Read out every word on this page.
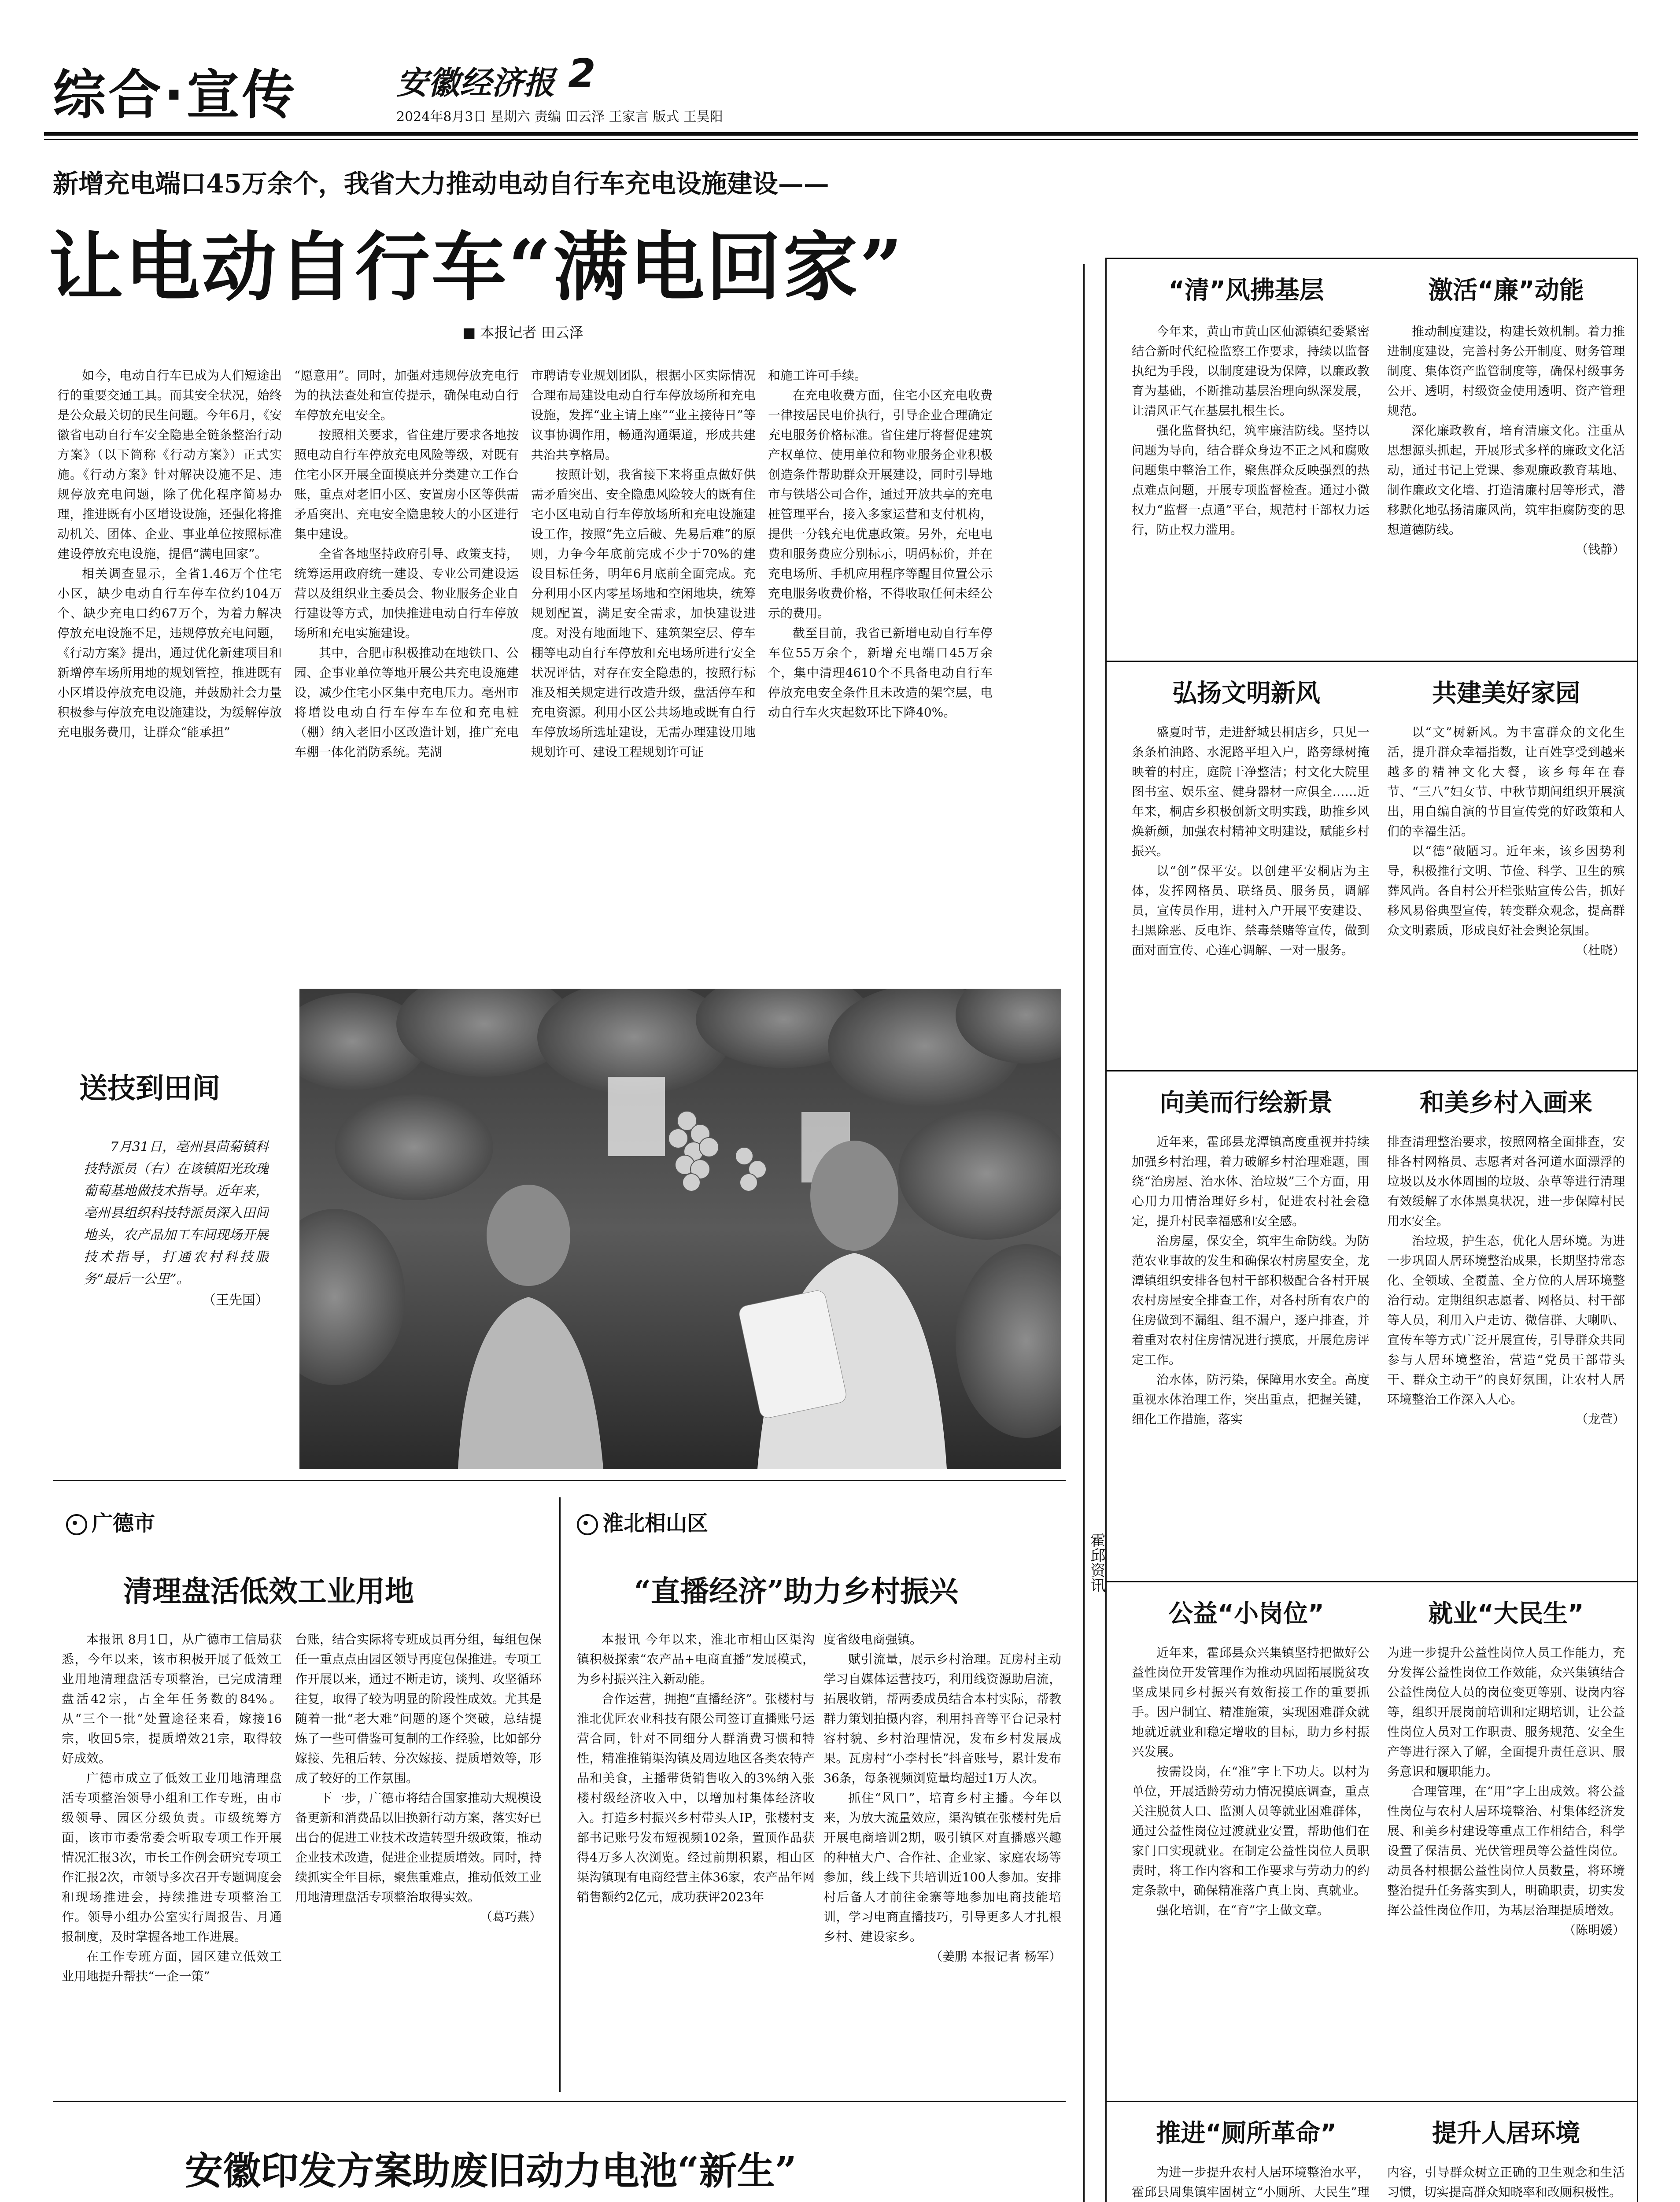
综合·宣传	安徽经济报 2
2024年8月3日 星期六 责编 田云泽 王家言 版式 王昊阳
新增充电端口45万余个，我省大力推动电动自行车充电设施建设——
让电动自行车“满电回家”
■ 本报记者 田云泽

如今，电动自行车已成为人们短途出行的重要交通工具。而其安全状况，始终是公众最关切的民生问题。今年6月，《安徽省电动自行车安全隐患全链条整治行动方案》（以下简称《行动方案》）正式实施。《行动方案》针对解决设施不足、违规停放充电问题，除了优化程序简易办理，推进既有小区增设设施，还强化将推动机关、团体、企业、事业单位按照标准建设停放充电设施，提倡“满电回家”。

相关调查显示，全省1.46万个住宅小区，缺少电动自行车停车位约104万个、缺少充电口约67万个，为着力解决停放充电设施不足，违规停放充电问题，《行动方案》提出，通过优化新建项目和新增停车场所用地的规划管控，推进既有小区增设停放充电设施，并鼓励社会力量积极参与停放充电设施建设，为缓解停放充电服务费用，让群众“能承担”

“愿意用”。同时，加强对违规停放充电行为的执法查处和宣传提示，确保电动自行车停放充电安全。

按照相关要求，省住建厅要求各地按照电动自行车停放充电风险等级，对既有住宅小区开展全面摸底并分类建立工作台账，重点对老旧小区、安置房小区等供需矛盾突出、充电安全隐患较大的小区进行集中建设。

全省各地坚持政府引导、政策支持，统筹运用政府统一建设、专业公司建设运营以及组织业主委员会、物业服务企业自行建设等方式，加快推进电动自行车停放场所和充电实施建设。

其中，合肥市积极推动在地铁口、公园、企事业单位等地开展公共充电设施建设，减少住宅小区集中充电压力。亳州市将增设电动自行车停车车位和充电桩（棚）纳入老旧小区改造计划，推广充电车棚一体化消防系统。芜湖

市聘请专业规划团队，根据小区实际情况合理布局建设电动自行车停放场所和充电设施，发挥“业主请上座”“业主接待日”等议事协调作用，畅通沟通渠道，形成共建共治共享格局。

按照计划，我省接下来将重点做好供需矛盾突出、安全隐患风险较大的既有住宅小区电动自行车停放场所和充电设施建设工作，按照“先立后破、先易后难”的原则，力争今年底前完成不少于70%的建设目标任务，明年6月底前全面完成。充分利用小区内零星场地和空闲地块，统筹规划配置，满足安全需求，加快建设进度。对没有地面地下、建筑架空层、停车棚等电动自行车停放和充电场所进行安全状况评估，对存在安全隐患的，按照行标准及相关规定进行改造升级，盘活停车和充电资源。利用小区公共场地或既有自行车停放场所选址建设，无需办理建设用地规划许可、建设工程规划许可证

和施工许可手续。

在充电收费方面，住宅小区充电收费一律按居民电价执行，引导企业合理确定充电服务价格标准。省住建厅将督促建筑产权单位、使用单位和物业服务企业积极创造条件帮助群众开展建设，同时引导地市与铁塔公司合作，通过开放共享的充电桩管理平台，接入多家运营和支付机构，提供一分钱充电优惠政策。另外，充电电费和服务费应分别标示，明码标价，并在充电场所、手机应用程序等醒目位置公示充电服务收费价格，不得收取任何未经公示的费用。

截至目前，我省已新增电动自行车停车位55万余个，新增充电端口45万余个，集中清理4610个不具备电动自行车停放充电安全条件且未改造的架空层，电动自行车火灾起数环比下降40%。

送技到田间

7月31日，亳州县茴菊镇科技特派员（右）在该镇阳光玫瑰葡萄基地做技术指导。近年来，亳州县组织科技特派员深入田间地头，农产品加工车间现场开展技术指导，打通农村科技服务“最后一公里”。

（王先国）

广德市
清理盘活低效工业用地

本报讯 8月1日，从广德市工信局获悉，今年以来，该市积极开展了低效工业用地清理盘活专项整治，已完成清理盘活42宗，占全年任务数的84%。从“三个一批”处置途径来看，嫁接16宗，收回5宗，提质增效21宗，取得较好成效。

广德市成立了低效工业用地清理盘活专项整治领导小组和工作专班，由市级领导、园区分级负责。市级统筹方面，该市市委常委会听取专项工作开展情况汇报3次，市长工作例会研究专项工作汇报2次，市领导多次召开专题调度会和现场推进会，持续推进专项整治工作。领导小组办公室实行周报告、月通报制度，及时掌握各地工作进展。

在工作专班方面，园区建立低效工业用地提升帮扶“一企一策”

台账，结合实际将专班成员再分组，每组包保任一重点点由园区领导再度包保推进。专项工作开展以来，通过不断走访，谈判、攻坚循环往复，取得了较为明显的阶段性成效。尤其是随着一批“老大难”问题的逐个突破，总结提炼了一些可借鉴可复制的工作经验，比如部分嫁接、先租后转、分次嫁接、提质增效等，形成了较好的工作氛围。

下一步，广德市将结合国家推动大规模设备更新和消费品以旧换新行动方案，落实好已出台的促进工业技术改造转型升级政策，推动企业技术改造，促进企业提质增效。同时，持续抓实全年目标，聚焦重难点，推动低效工业用地清理盘活专项整治取得实效。

（葛巧燕）

淮北相山区
“直播经济”助力乡村振兴

本报讯 今年以来，淮北市相山区渠沟镇积极探索“农产品+电商直播”发展模式，为乡村振兴注入新动能。

合作运营，拥抱“直播经济”。张楼村与淮北优匠农业科技有限公司签订直播账号运营合同，针对不同细分人群消费习惯和特性，精准推销渠沟镇及周边地区各类农特产品和美食，主播带货销售收入的3%纳入张楼村级经济收入中，以增加村集体经济收入。打造乡村振兴乡村带头人IP，张楼村支部书记账号发布短视频102条，置顶作品获得4万多人次浏览。经过前期积累，相山区渠沟镇现有电商经营主体36家，农产品年网销售额约2亿元，成功获评2023年

度省级电商强镇。

赋引流量，展示乡村治理。瓦房村主动学习自媒体运营技巧，利用线资源助启流，拓展收销，帮两委成员结合本村实际，帮教群力策划拍摄内容，利用抖音等平台记录村容村貌、乡村治理情况，发布乡村发展成果。瓦房村“小李村长”抖音账号，累计发布36条，每条视频浏览量均超过1万人次。

抓住“风口”，培育乡村主播。今年以来，为放大流量效应，渠沟镇在张楼村先后开展电商培训2期，吸引镇区对直播感兴趣的种植大户、合作社、企业家、家庭农场等参加，线上线下共培训近100人参加。安排村后备人才前往金寨等地参加电商技能培训，学习电商直播技巧，引导更多人才扎根乡村、建设家乡。

（姜鹏 本报记者 杨军）

安徽印发方案助废旧动力电池“新生”

霍邱资讯
“清”风拂基层	激活“廉”动能

今年来，黄山市黄山区仙源镇纪委紧密结合新时代纪检监察工作要求，持续以监督执纪为手段，以制度建设为保障，以廉政教育为基础，不断推动基层治理向纵深发展，让清风正气在基层扎根生长。

强化监督执纪，筑牢廉洁防线。坚持以问题为导向，结合群众身边不正之风和腐败问题集中整治工作，聚焦群众反映强烈的热点难点问题，开展专项监督检查。通过小微权力“监督一点通”平台，规范村干部权力运行，防止权力滥用。

推动制度建设，构建长效机制。着力推进制度建设，完善村务公开制度、财务管理制度、集体资产监管制度等，确保村级事务公开、透明，村级资金使用透明、资产管理规范。

深化廉政教育，培育清廉文化。注重从思想源头抓起，开展形式多样的廉政文化活动，通过书记上党课、参观廉政教育基地、制作廉政文化墙、打造清廉村居等形式，潜移默化地弘扬清廉风尚，筑牢拒腐防变的思想道德防线。

（钱静）

弘扬文明新风	共建美好家园

盛夏时节，走进舒城县桐店乡，只见一条条柏油路、水泥路平坦入户，路旁绿树掩映着的村庄，庭院干净整洁；村文化大院里图书室、娱乐室、健身器材一应俱全……近年来，桐店乡积极创新文明实践，助推乡风焕新颜，加强农村精神文明建设，赋能乡村振兴。

以“创”保平安。以创建平安桐店为主体，发挥网格员、联络员、服务员，调解员，宣传员作用，进村入户开展平安建设、扫黑除恶、反电诈、禁毒禁赌等宣传，做到面对面宣传、心连心调解、一对一服务。

以“文”树新风。为丰富群众的文化生活，提升群众幸福指数，让百姓享受到越来越多的精神文化大餐，该乡每年在春节、“三八”妇女节、中秋节期间组织开展演出，用自编自演的节目宣传党的好政策和人们的幸福生活。

以“德”破陋习。近年来，该乡因势利导，积极推行文明、节俭、科学、卫生的殡葬风尚。各自村公开栏张贴宣传公告，抓好移风易俗典型宣传，转变群众观念，提高群众文明素质，形成良好社会舆论氛围。

（杜晓）

向美而行绘新景	和美乡村入画来

近年来，霍邱县龙潭镇高度重视并持续加强乡村治理，着力破解乡村治理难题，围绕“治房屋、治水体、治垃圾”三个方面，用心用力用情治理好乡村，促进农村社会稳定，提升村民幸福感和安全感。

治房屋，保安全，筑牢生命防线。为防范农业事故的发生和确保农村房屋安全，龙潭镇组织安排各包村干部积极配合各村开展农村房屋安全排查工作，对各村所有农户的住房做到不漏组、组不漏户，逐户排查，并着重对农村住房情况进行摸底，开展危房评定工作。

治水体，防污染，保障用水安全。高度重视水体治理工作，突出重点，把握关键，细化工作措施，落实

排查清理整治要求，按照网格全面排查，安排各村网格员、志愿者对各河道水面漂浮的垃圾以及水体周围的垃圾、杂草等进行清理有效缓解了水体黑臭状况，进一步保障村民用水安全。

治垃圾，护生态，优化人居环境。为进一步巩固人居环境整治成果，长期坚持常态化、全领域、全覆盖、全方位的人居环境整治行动。定期组织志愿者、网格员、村干部等人员，利用入户走访、微信群、大喇叭、宣传车等方式广泛开展宣传，引导群众共同参与人居环境整治，营造“党员干部带头干、群众主动干”的良好氛围，让农村人居环境整治工作深入人心。

（龙萱）

公益“小岗位”	就业“大民生”

近年来，霍邱县众兴集镇坚持把做好公益性岗位开发管理作为推动巩固拓展脱贫攻坚成果同乡村振兴有效衔接工作的重要抓手。因户制宜、精准施策，实现困难群众就地就近就业和稳定增收的目标，助力乡村振兴发展。

按需设岗，在“准”字上下功夫。以村为单位，开展适龄劳动力情况摸底调查，重点关注脱贫人口、监测人员等就业困难群体，通过公益性岗位过渡就业安置，帮助他们在家门口实现就业。在制定公益性岗位人员职责时，将工作内容和工作要求与劳动力的约定条款中，确保精准落户真上岗、真就业。

强化培训，在“育”字上做文章。

为进一步提升公益性岗位人员工作能力，充分发挥公益性岗位工作效能，众兴集镇结合公益性岗位人员的岗位变更等别、设岗内容等，组织开展岗前培训和定期培训，让公益性岗位人员对工作职责、服务规范、安全生产等进行深入了解，全面提升责任意识、服务意识和履职能力。

合理管理，在“用”字上出成效。将公益性岗位与农村人居环境整治、村集体经济发展、和美乡村建设等重点工作相结合，科学设置了保洁员、光伏管理员等公益性岗位。动员各村根据公益性岗位人员数量，将环境整治提升任务落实到人，明确职责，切实发挥公益性岗位作用，为基层治理提质增效。

（陈明媛）

推进“厕所革命”	提升人居环境

为进一步提升农村人居环境整治水平，霍邱县周集镇牢固树立“小厕所、大民生”理

内容，引导群众树立正确的卫生观念和生活习惯，切实提高群众知晓率和改厕积极性。
